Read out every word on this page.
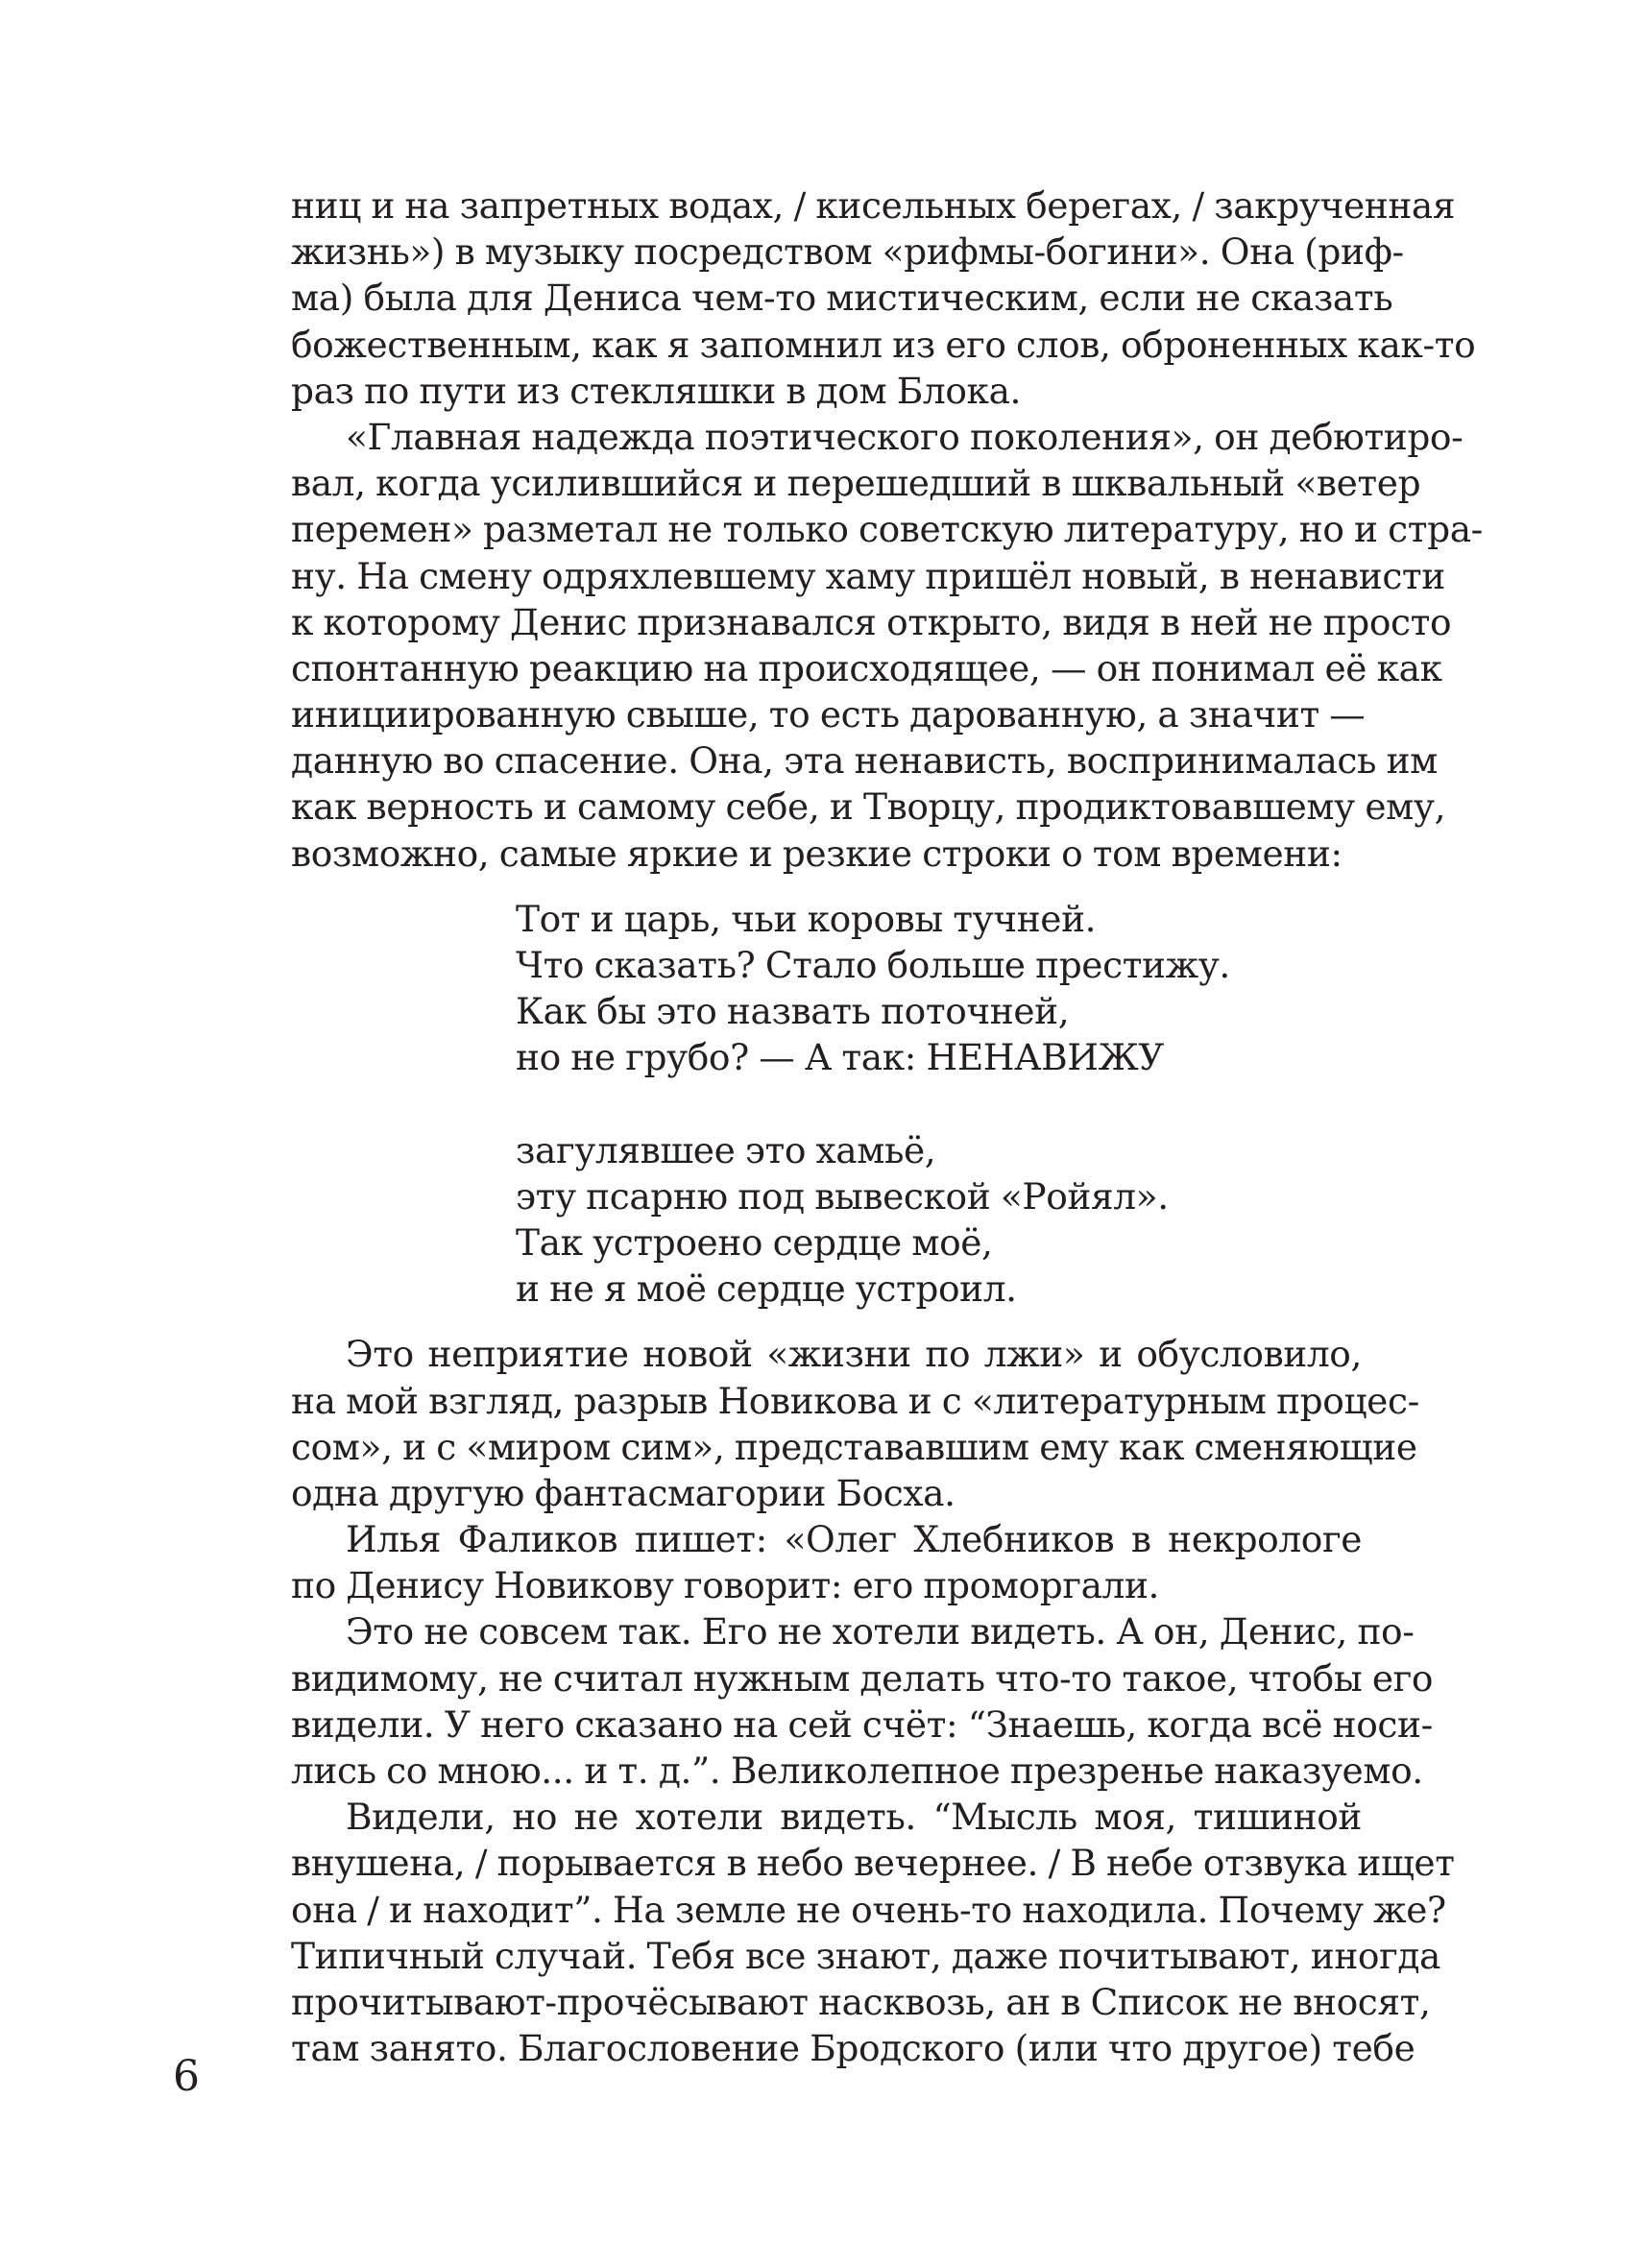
ниц и на запретных водах, / кисельных берегах, / закрученная
жизнь») в музыку посредством «рифмы-богини». Она (риф-
ма) была для Дениса чем-то мистическим, если не сказать
божественным, как я запомнил из его слов, оброненных как-то
раз по пути из стекляшки в дом Блока.
«Главная надежда поэтического поколения», он дебютиро-
вал, когда усилившийся и перешедший в шквальный «ветер
перемен» разметал не только советскую литературу, но и стра-
ну. На смену одряхлевшему хаму пришёл новый, в ненависти
к которому Денис признавался открыто, видя в ней не просто
спонтанную реакцию на происходящее, — он понимал её как
инициированную свыше, то есть дарованную, а значит —
данную во спасение. Она, эта ненависть, воспринималась им
как верность и самому себе, и Творцу, продиктовавшему ему,
возможно, самые яркие и резкие строки о том времени:
Тот и царь, чьи коровы тучней.
Что сказать? Стало больше престижу.
Как бы это назвать поточней,
но не грубо? — А так: НЕНАВИЖУ
загулявшее это хамьё,
эту псарню под вывеской «Ройял».
Так устроено сердце моё,
и не я моё сердце устроил.
Это неприятие новой «жизни по лжи» и обусловило,
на мой взгляд, разрыв Новикова и с «литературным процес-
сом», и с «миром сим», представавшим ему как сменяющие
одна другую фантасмагории Босха.
Илья Фаликов пишет: «Олег Хлебников в некрологе
по Денису Новикову говорит: его проморгали.
Это не совсем так. Его не хотели видеть. А он, Денис, по-
видимому, не считал нужным делать что-то такое, чтобы его
видели. У него сказано на сей счёт: “Знаешь, когда всё носи-
лись со мною... и т. д.”. Великолепное презренье наказуемо.
Видели, но не хотели видеть. “Мысль моя, тишиной
внушена, / порывается в небо вечернее. / В небе отзвука ищет
она / и находит”. На земле не очень-то находила. Почему же?
Типичный случай. Тебя все знают, даже почитывают, иногда
прочитывают-прочёсывают насквозь, ан в Список не вносят,
там занято. Благословение Бродского (или что другое) тебе
6
